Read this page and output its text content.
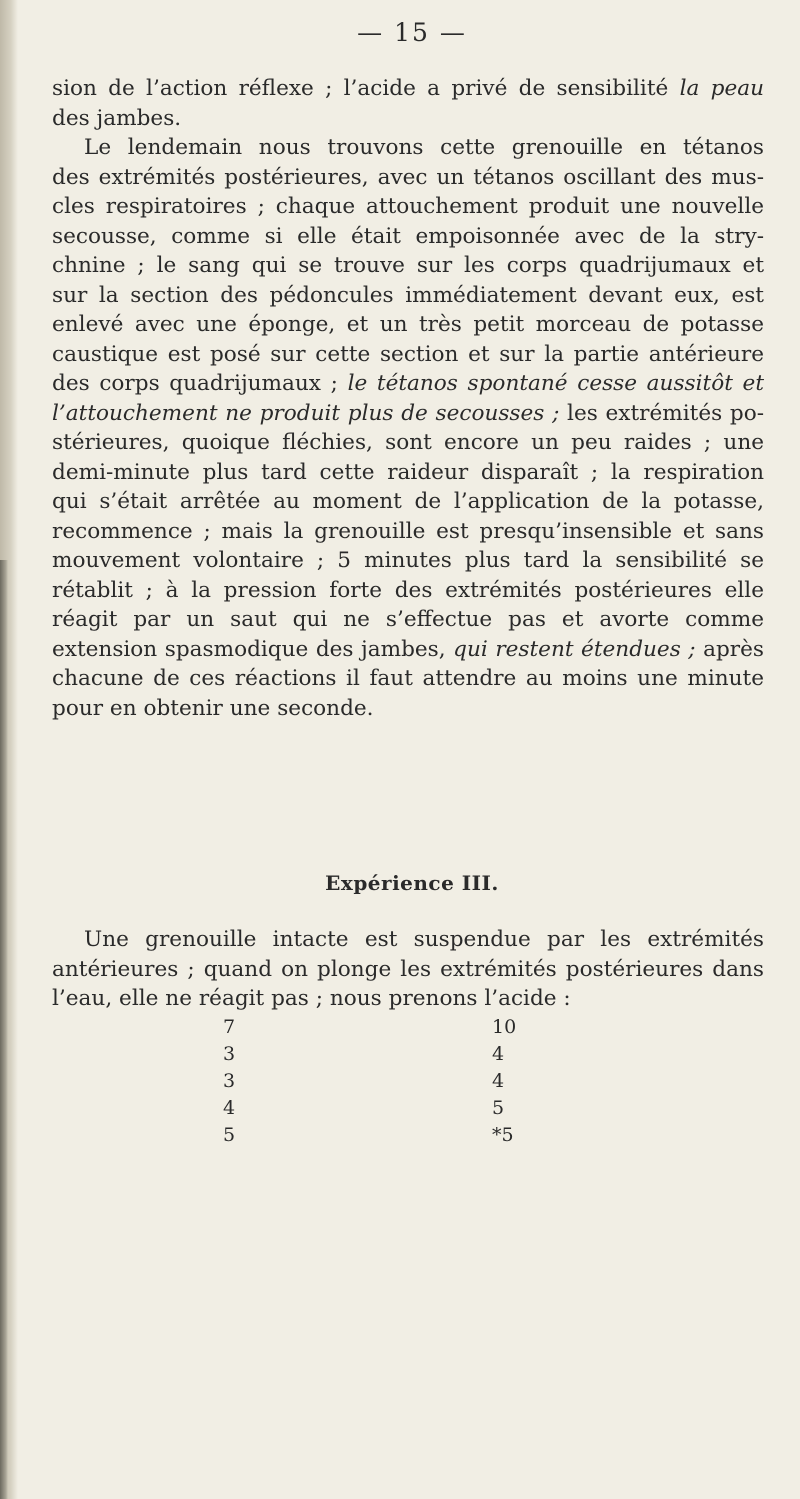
— 15 —
sion de l’action réflexe ; l’acide a privé de sensibilité la peau
des jambes.
Le lendemain nous trouvons cette grenouille en tétanos
des extrémités postérieures, avec un tétanos oscillant des mus-
cles respiratoires ; chaque attouchement produit une nouvelle
secousse, comme si elle était empoisonnée avec de la stry-
chnine ; le sang qui se trouve sur les corps quadrijumaux et
sur la section des pédoncules immédiatement devant eux, est
enlevé avec une éponge, et un très petit morceau de potasse
caustique est posé sur cette section et sur la partie antérieure
des corps quadrijumaux ; le tétanos spontané cesse aussitôt et
l’attouchement ne produit plus de secousses ; les extrémités po-
stérieures, quoique fléchies, sont encore un peu raides ; une
demi-minute plus tard cette raideur disparaît ; la respiration
qui s’était arrêtée au moment de l’application de la potasse,
recommence ; mais la grenouille est presqu’insensible et sans
mouvement volontaire ; 5 minutes plus tard la sensibilité se
rétablit ; à la pression forte des extrémités postérieures elle
réagit par un saut qui ne s’effectue pas et avorte comme
extension spasmodique des jambes, qui restent étendues ; après
chacune de ces réactions il faut attendre au moins une minute
pour en obtenir une seconde.
Expérience III.
Une grenouille intacte est suspendue par les extrémités
antérieures ; quand on plonge les extrémités postérieures dans
l’eau, elle ne réagit pas ; nous prenons l’acide :
7
3
3
4
5
10
4
4
5
*5
